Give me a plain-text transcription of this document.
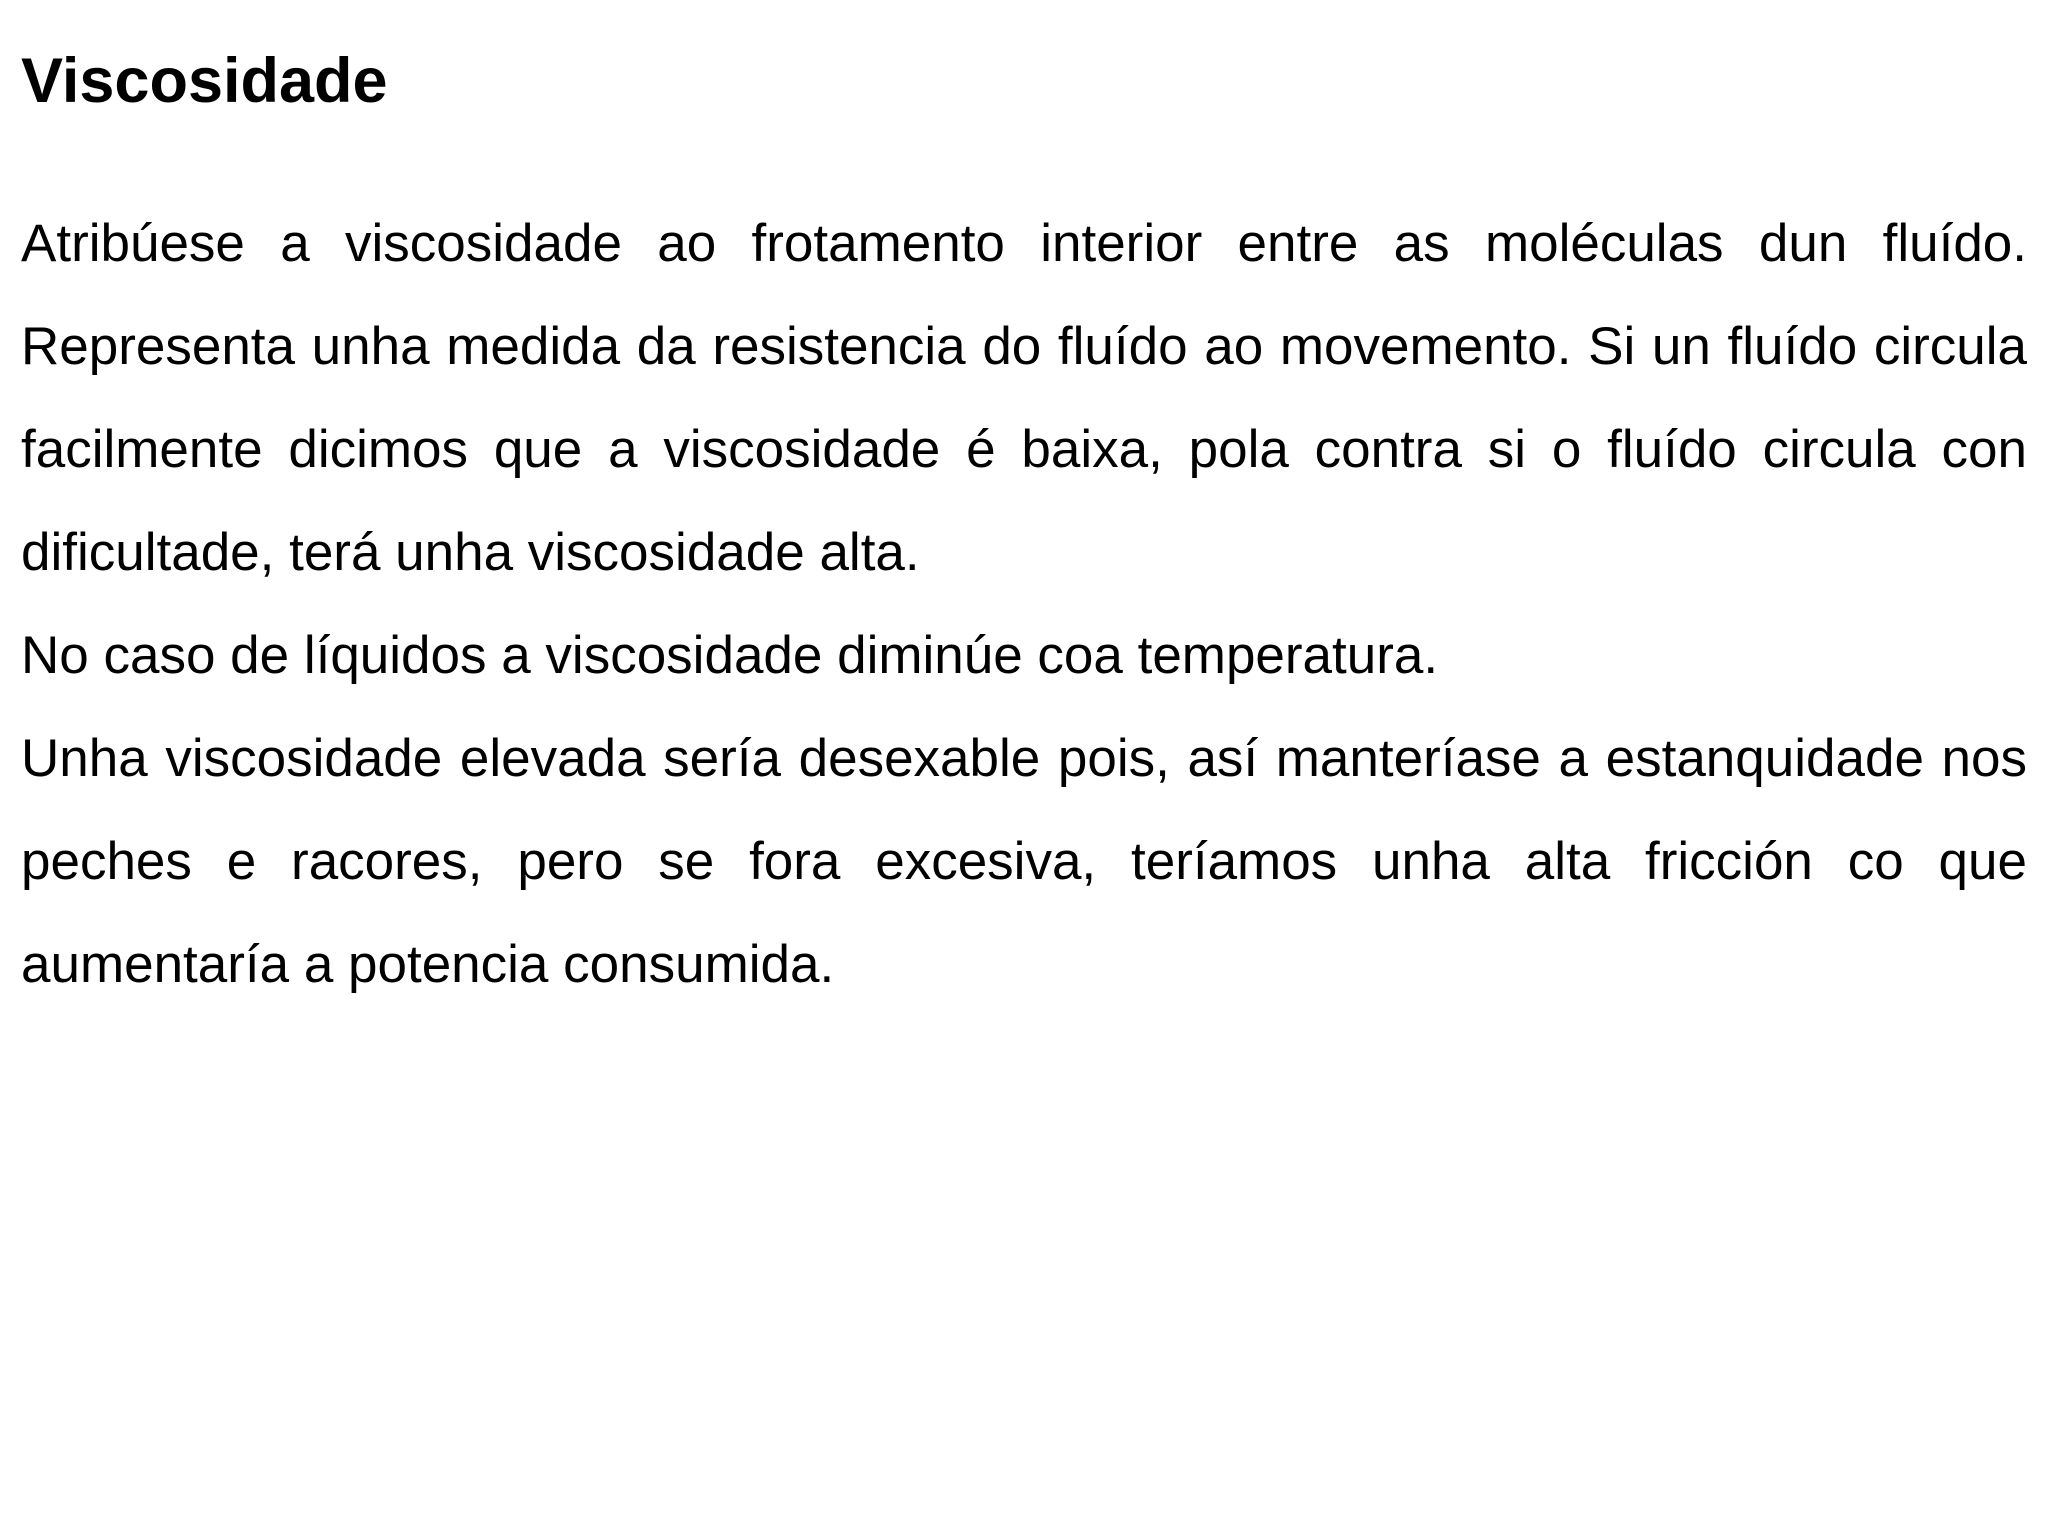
Viscosidade

Atribúese a viscosidade ao frotamento interior entre as moléculas dun fluído. Representa unha medida da resistencia do fluído ao movemento. Si un fluído circula facilmente dicimos que a viscosidade é baixa, pola contra si o fluído circula con dificultade, terá unha viscosidade alta.

No caso de líquidos a viscosidade diminúe coa temperatura.

Unha viscosidade elevada sería desexable pois, así manteríase a estanquidade nos peches e racores, pero se fora excesiva, teríamos unha alta fricción co que aumentaría a potencia consumida.
